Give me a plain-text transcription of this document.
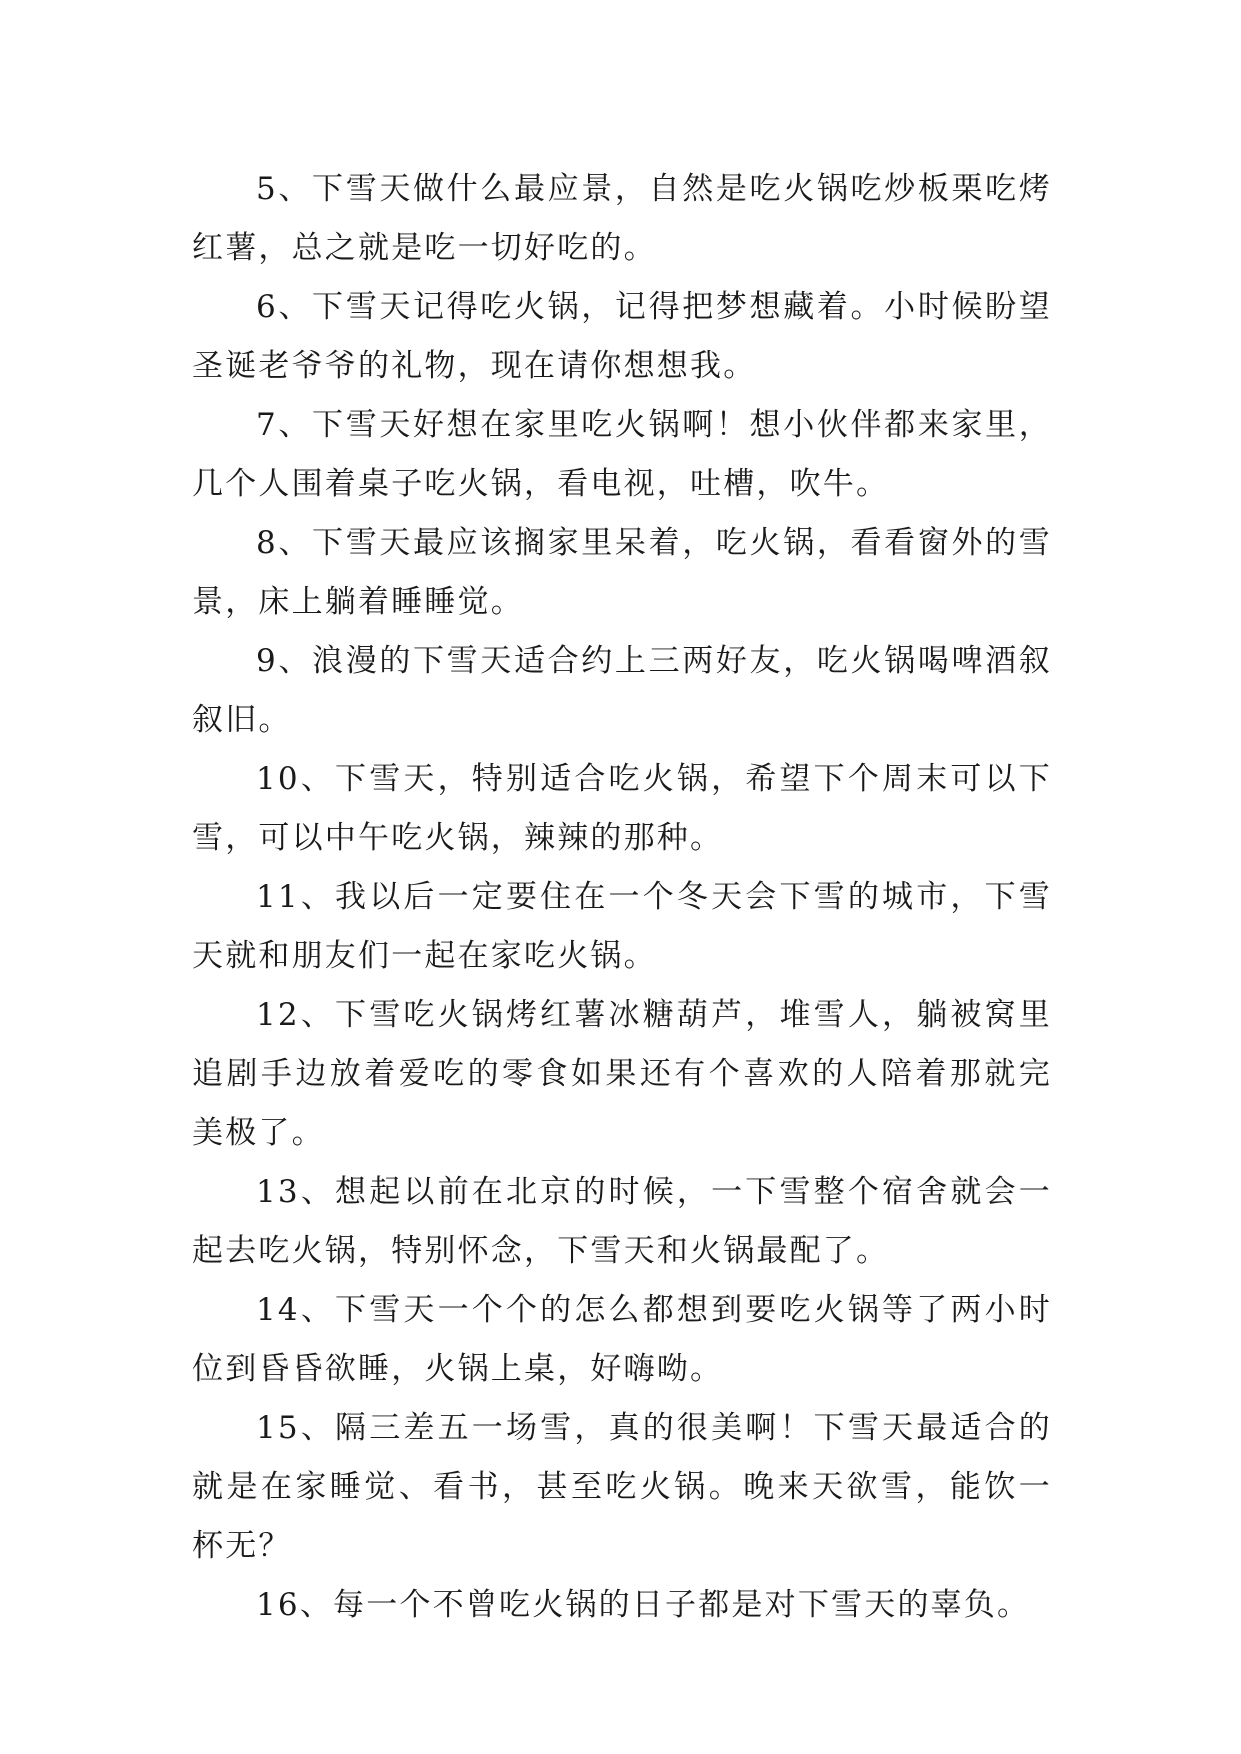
5、下雪天做什么最应景，自然是吃火锅吃炒板栗吃烤红薯，总之就是吃一切好吃的。

6、下雪天记得吃火锅，记得把梦想藏着。小时候盼望圣诞老爷爷的礼物，现在请你想想我。

7、下雪天好想在家里吃火锅啊！想小伙伴都来家里，几个人围着桌子吃火锅，看电视，吐槽，吹牛。

8、下雪天最应该搁家里呆着，吃火锅，看看窗外的雪景，床上躺着睡睡觉。

9、浪漫的下雪天适合约上三两好友，吃火锅喝啤酒叙叙旧。

10、下雪天，特别适合吃火锅，希望下个周末可以下雪，可以中午吃火锅，辣辣的那种。

11、我以后一定要住在一个冬天会下雪的城市，下雪天就和朋友们一起在家吃火锅。

12、下雪吃火锅烤红薯冰糖葫芦，堆雪人，躺被窝里追剧手边放着爱吃的零食如果还有个喜欢的人陪着那就完美极了。

13、想起以前在北京的时候，一下雪整个宿舍就会一起去吃火锅，特别怀念，下雪天和火锅最配了。

14、下雪天一个个的怎么都想到要吃火锅等了两小时位到昏昏欲睡，火锅上桌，好嗨呦。

15、隔三差五一场雪，真的很美啊！下雪天最适合的就是在家睡觉、看书，甚至吃火锅。晚来天欲雪，能饮一杯无？

16、每一个不曾吃火锅的日子都是对下雪天的辜负。
